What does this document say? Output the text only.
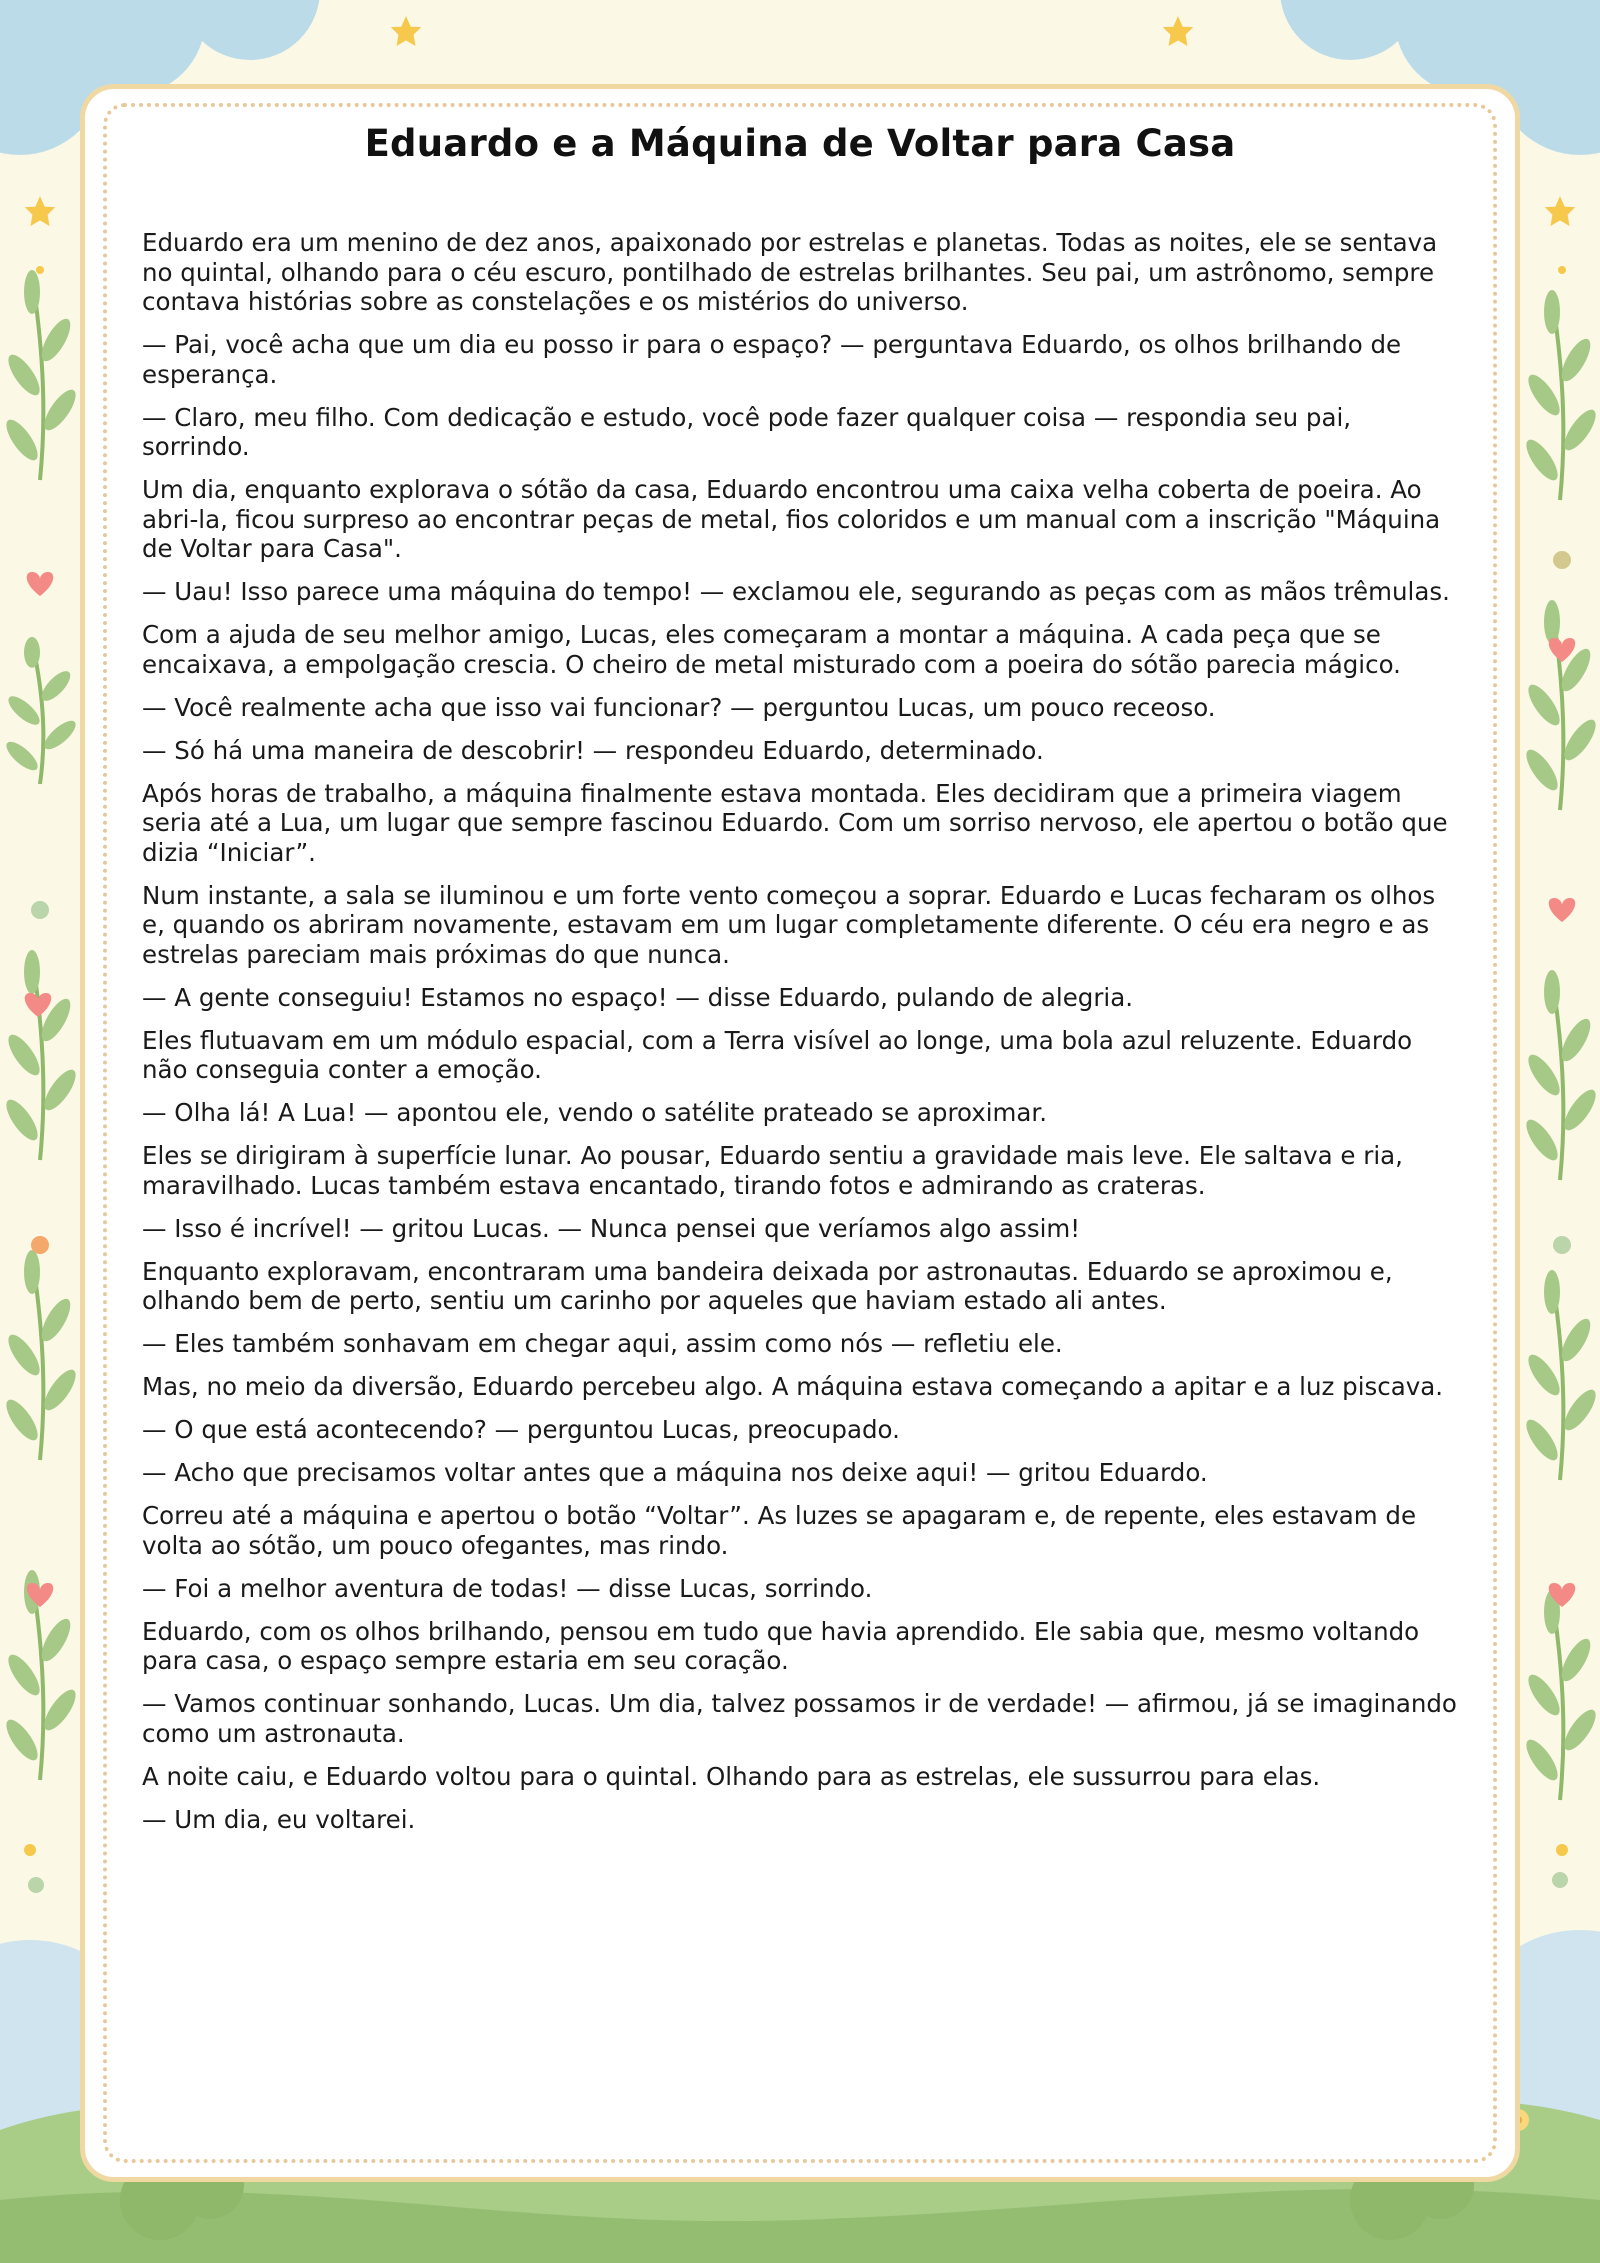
Eduardo e a Máquina de Voltar para Casa

Eduardo era um menino de dez anos, apaixonado por estrelas e planetas. Todas as noites, ele se sentava no quintal, olhando para o céu escuro, pontilhado de estrelas brilhantes. Seu pai, um astrônomo, sempre contava histórias sobre as constelações e os mistérios do universo.

— Pai, você acha que um dia eu posso ir para o espaço? — perguntava Eduardo, os olhos brilhando de esperança.

— Claro, meu filho. Com dedicação e estudo, você pode fazer qualquer coisa — respondia seu pai, sorrindo.

Um dia, enquanto explorava o sótão da casa, Eduardo encontrou uma caixa velha coberta de poeira. Ao abri-la, ficou surpreso ao encontrar peças de metal, fios coloridos e um manual com a inscrição "Máquina de Voltar para Casa".

— Uau! Isso parece uma máquina do tempo! — exclamou ele, segurando as peças com as mãos trêmulas.

Com a ajuda de seu melhor amigo, Lucas, eles começaram a montar a máquina. A cada peça que se encaixava, a empolgação crescia. O cheiro de metal misturado com a poeira do sótão parecia mágico.

— Você realmente acha que isso vai funcionar? — perguntou Lucas, um pouco receoso.

— Só há uma maneira de descobrir! — respondeu Eduardo, determinado.

Após horas de trabalho, a máquina finalmente estava montada. Eles decidiram que a primeira viagem seria até a Lua, um lugar que sempre fascinou Eduardo. Com um sorriso nervoso, ele apertou o botão que dizia “Iniciar”.

Num instante, a sala se iluminou e um forte vento começou a soprar. Eduardo e Lucas fecharam os olhos e, quando os abriram novamente, estavam em um lugar completamente diferente. O céu era negro e as estrelas pareciam mais próximas do que nunca.

— A gente conseguiu! Estamos no espaço! — disse Eduardo, pulando de alegria.

Eles flutuavam em um módulo espacial, com a Terra visível ao longe, uma bola azul reluzente. Eduardo não conseguia conter a emoção.

— Olha lá! A Lua! — apontou ele, vendo o satélite prateado se aproximar.

Eles se dirigiram à superfície lunar. Ao pousar, Eduardo sentiu a gravidade mais leve. Ele saltava e ria, maravilhado. Lucas também estava encantado, tirando fotos e admirando as crateras.

— Isso é incrível! — gritou Lucas. — Nunca pensei que veríamos algo assim!

Enquanto exploravam, encontraram uma bandeira deixada por astronautas. Eduardo se aproximou e, olhando bem de perto, sentiu um carinho por aqueles que haviam estado ali antes.

— Eles também sonhavam em chegar aqui, assim como nós — refletiu ele.

Mas, no meio da diversão, Eduardo percebeu algo. A máquina estava começando a apitar e a luz piscava.

— O que está acontecendo? — perguntou Lucas, preocupado.

— Acho que precisamos voltar antes que a máquina nos deixe aqui! — gritou Eduardo.

Correu até a máquina e apertou o botão “Voltar”. As luzes se apagaram e, de repente, eles estavam de volta ao sótão, um pouco ofegantes, mas rindo.

— Foi a melhor aventura de todas! — disse Lucas, sorrindo.

Eduardo, com os olhos brilhando, pensou em tudo que havia aprendido. Ele sabia que, mesmo voltando para casa, o espaço sempre estaria em seu coração.

— Vamos continuar sonhando, Lucas. Um dia, talvez possamos ir de verdade! — afirmou, já se imaginando como um astronauta.

A noite caiu, e Eduardo voltou para o quintal. Olhando para as estrelas, ele sussurrou para elas.

— Um dia, eu voltarei.
